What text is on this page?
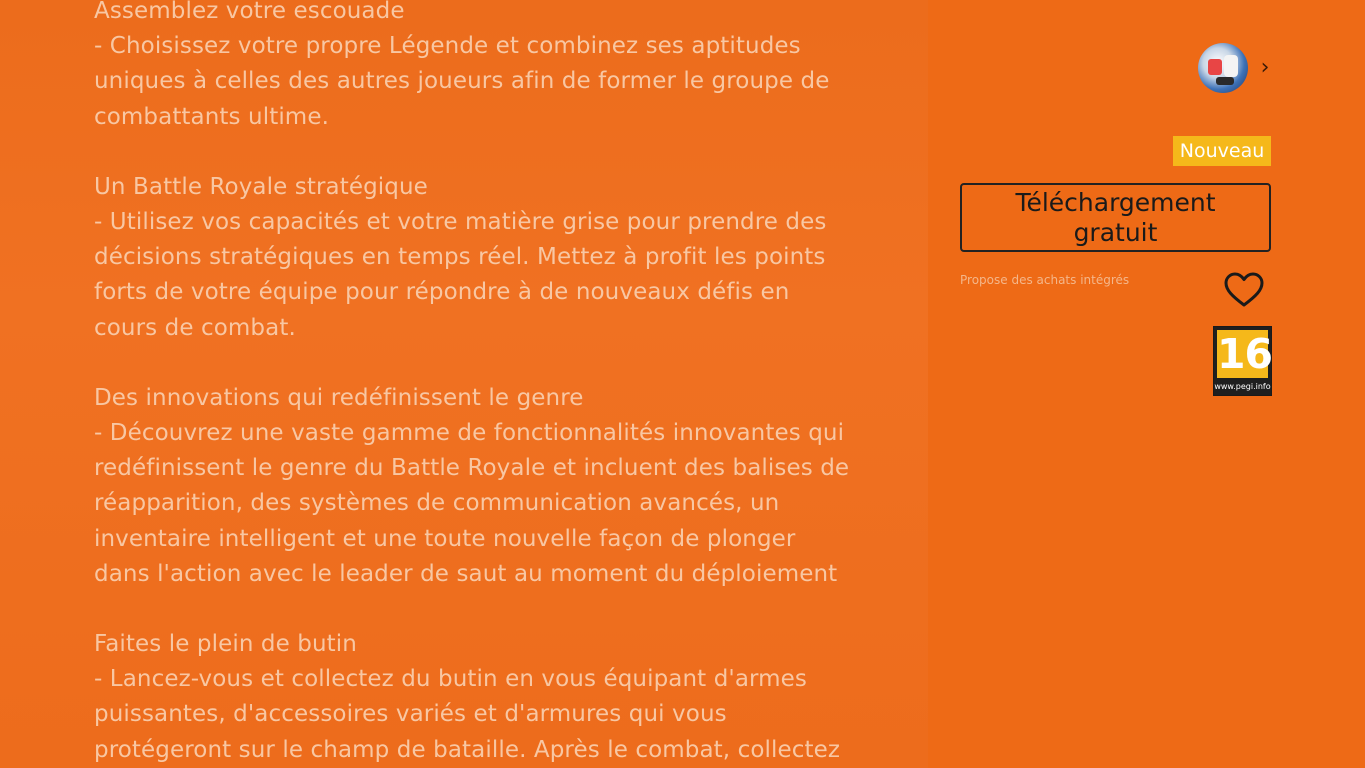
Assemblez votre escouade

- Choisissez votre propre Légende et combinez ses aptitudes

uniques à celles des autres joueurs afin de former le groupe de

combattants ultime.

Un Battle Royale stratégique

- Utilisez vos capacités et votre matière grise pour prendre des

décisions stratégiques en temps réel. Mettez à profit les points

forts de votre équipe pour répondre à de nouveaux défis en

cours de combat.

Des innovations qui redéfinissent le genre

- Découvrez une vaste gamme de fonctionnalités innovantes qui

redéfinissent le genre du Battle Royale et incluent des balises de

réapparition, des systèmes de communication avancés, un

inventaire intelligent et une toute nouvelle façon de plonger

dans l'action avec le leader de saut au moment du déploiement

Faites le plein de butin

- Lancez-vous et collectez du butin en vous équipant d'armes

puissantes, d'accessoires variés et d'armures qui vous

protégeront sur le champ de bataille. Après le combat, collectez

›
Nouveau
Téléchargement
gratuit
Propose des achats intégrés
16
www.pegi.info
